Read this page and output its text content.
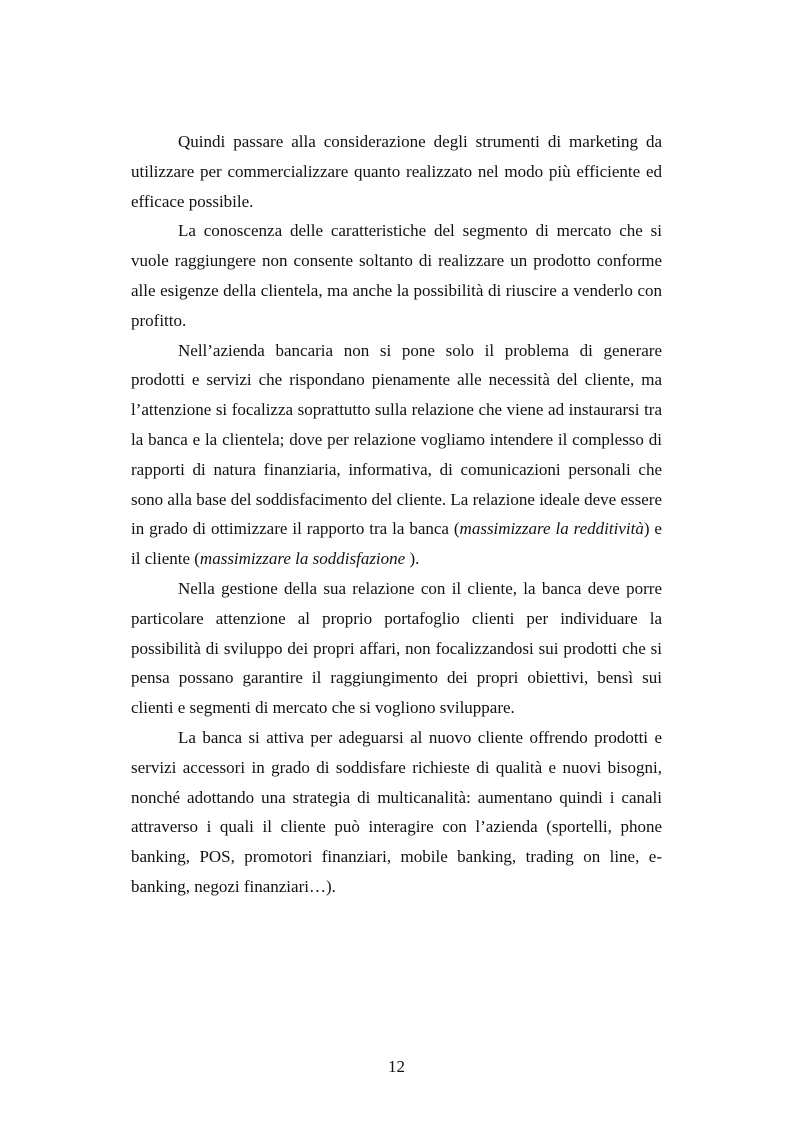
Quindi passare alla considerazione degli strumenti di marketing da utilizzare per commercializzare quanto realizzato nel modo più efficiente ed efficace possibile.

La conoscenza delle caratteristiche del segmento di mercato che si vuole raggiungere non consente soltanto di realizzare un prodotto conforme alle esigenze della clientela, ma anche la possibilità di riuscire a venderlo con profitto.

Nell’azienda bancaria non si pone solo il problema di generare prodotti e servizi che rispondano pienamente alle necessità del cliente, ma l’attenzione si focalizza soprattutto sulla relazione che viene ad instaurarsi tra la banca e la clientela; dove per relazione vogliamo intendere il complesso di rapporti di natura finanziaria, informativa, di comunicazioni personali che sono alla base del soddisfacimento del cliente. La relazione ideale deve essere in grado di ottimizzare il rapporto tra la banca (massimizzare la redditività) e il cliente (massimizzare la soddisfazione ).

Nella gestione della sua relazione con il cliente, la banca deve porre particolare attenzione al proprio portafoglio clienti per individuare la possibilità di sviluppo dei propri affari, non focalizzandosi sui prodotti che si pensa possano garantire il raggiungimento dei propri obiettivi, bensì sui clienti e segmenti di mercato che si vogliono sviluppare.

La banca si attiva per adeguarsi al nuovo cliente offrendo prodotti e servizi accessori in grado di soddisfare richieste di qualità e nuovi bisogni, nonché adottando una strategia di multicanalità: aumentano quindi i canali attraverso i quali il cliente può interagire con l’azienda (sportelli, phone banking, POS, promotori finanziari, mobile banking, trading on line, e-banking, negozi finanziari…).

12
